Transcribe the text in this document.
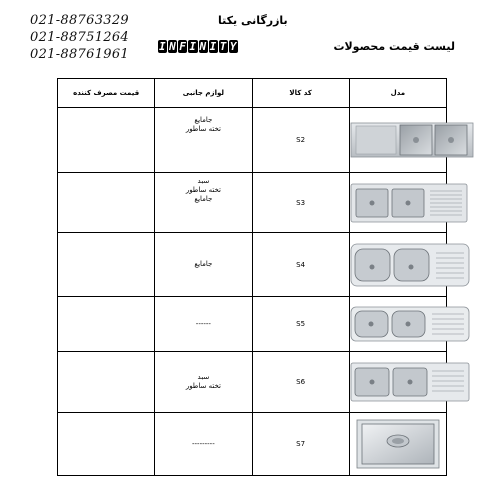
021-88763329
021-88751264
021-88761961
بازرگانی یکتا
لیست قیمت محصولات
I N F I N I T Y
قیمت مصرف کننده	لوازم جانبی	کد کالا	مدل

	جامایع
تخته ساطور	S2	

	سبد
تخته ساطور
جامایع	S3	

	جامایع	S4	

	------	S5	

	سبد
تخته ساطور	S6	

	---------	S7	
